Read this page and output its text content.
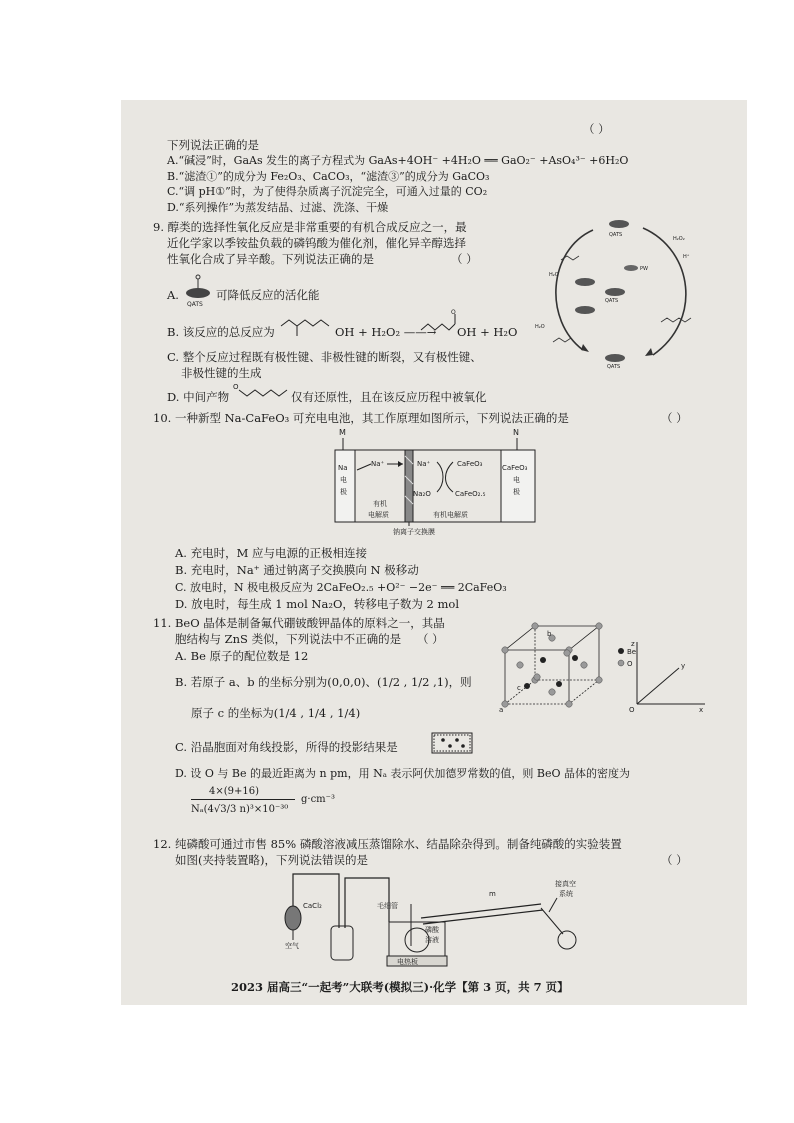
（ ）
下列说法正确的是
A.“碱浸”时，GaAs 发生的离子方程式为 GaAs+4OH⁻ +4H₂O ══ GaO₂⁻ +AsO₄³⁻ +6H₂O
B.“滤渣①”的成分为 Fe₂O₃、CaCO₃，“滤渣③”的成分为 GaCO₃
C.“调 pH①”时，为了使得杂质离子沉淀完全，可通入过量的 CO₂
D.“系列操作”为蒸发结晶、过滤、洗涤、干燥
9. 醇类的选择性氧化反应是非常重要的有机合成反应之一，最
近化学家以季铵盐负载的磷钨酸为催化剂，催化异辛醇选择
性氧化合成了异辛酸。下列说法正确的是	（ ）
A.
QATS
可降低反应的活化能
B. 该反应的总反应为	OH + H₂O₂ ——→
O
OH + H₂O
C. 整个反应过程既有极性键、非极性键的断裂，又有极性键、
非极性键的生成
D. 中间产物
O
仅有还原性，且在该反应历程中被氧化
QATS
QATS
QATS
PW
H₂O₂
H⁺
H₂O
H₂O
10. 一种新型 Na-CaFeO₃ 可充电电池，其工作原理如图所示，下列说法正确的是	（ ）
M	N
Na
电
极
CaFeO₃
电
极
Na⁺	Na⁺	CaFeO₃
Na₂O	CaFeO₂.₅
有机
电解质	有机电解质
钠离子交换膜
A. 充电时，M 应与电源的正极相连接
B. 充电时，Na⁺ 通过钠离子交换膜向 N 极移动
C. 放电时，N 极电极反应为 2CaFeO₂.₅ +O²⁻ −2e⁻ ══ 2CaFeO₃
D. 放电时，每生成 1 mol Na₂O，转移电子数为 2 mol
11. BeO 晶体是制备氟代硼铍酸钾晶体的原料之一，其晶
胞结构与 ZnS 类似，下列说法中不正确的是 （ ）
A. Be 原子的配位数是 12
B. 若原子 a、b 的坐标分别为(0,0,0)、(1/2 , 1/2 ,1)，则
原子 c 的坐标为(1/4 , 1/4 , 1/4)
C. 沿晶胞面对角线投影，所得的投影结果是
D. 设 O 与 Be 的最近距离为 n pm，用 Nₐ 表示阿伏加德罗常数的值，则 BeO 晶体的密度为
4×(9+16)
Nₐ(4√3/3 n)³×10⁻³⁰
g·cm⁻³
a
b
c
Be
O
z
y
x
O
12. 纯磷酸可通过市售 85% 磷酸溶液减压蒸馏除水、结晶除杂得到。制备纯磷酸的实验装置
如图(夹持装置略)，下列说法错误的是	（ ）
CaCl₂
空气
毛细管
磷酸
溶液
电热板
m
接真空
系统
2023 届高三“一起考”大联考(模拟三)·化学【第 3 页，共 7 页】
